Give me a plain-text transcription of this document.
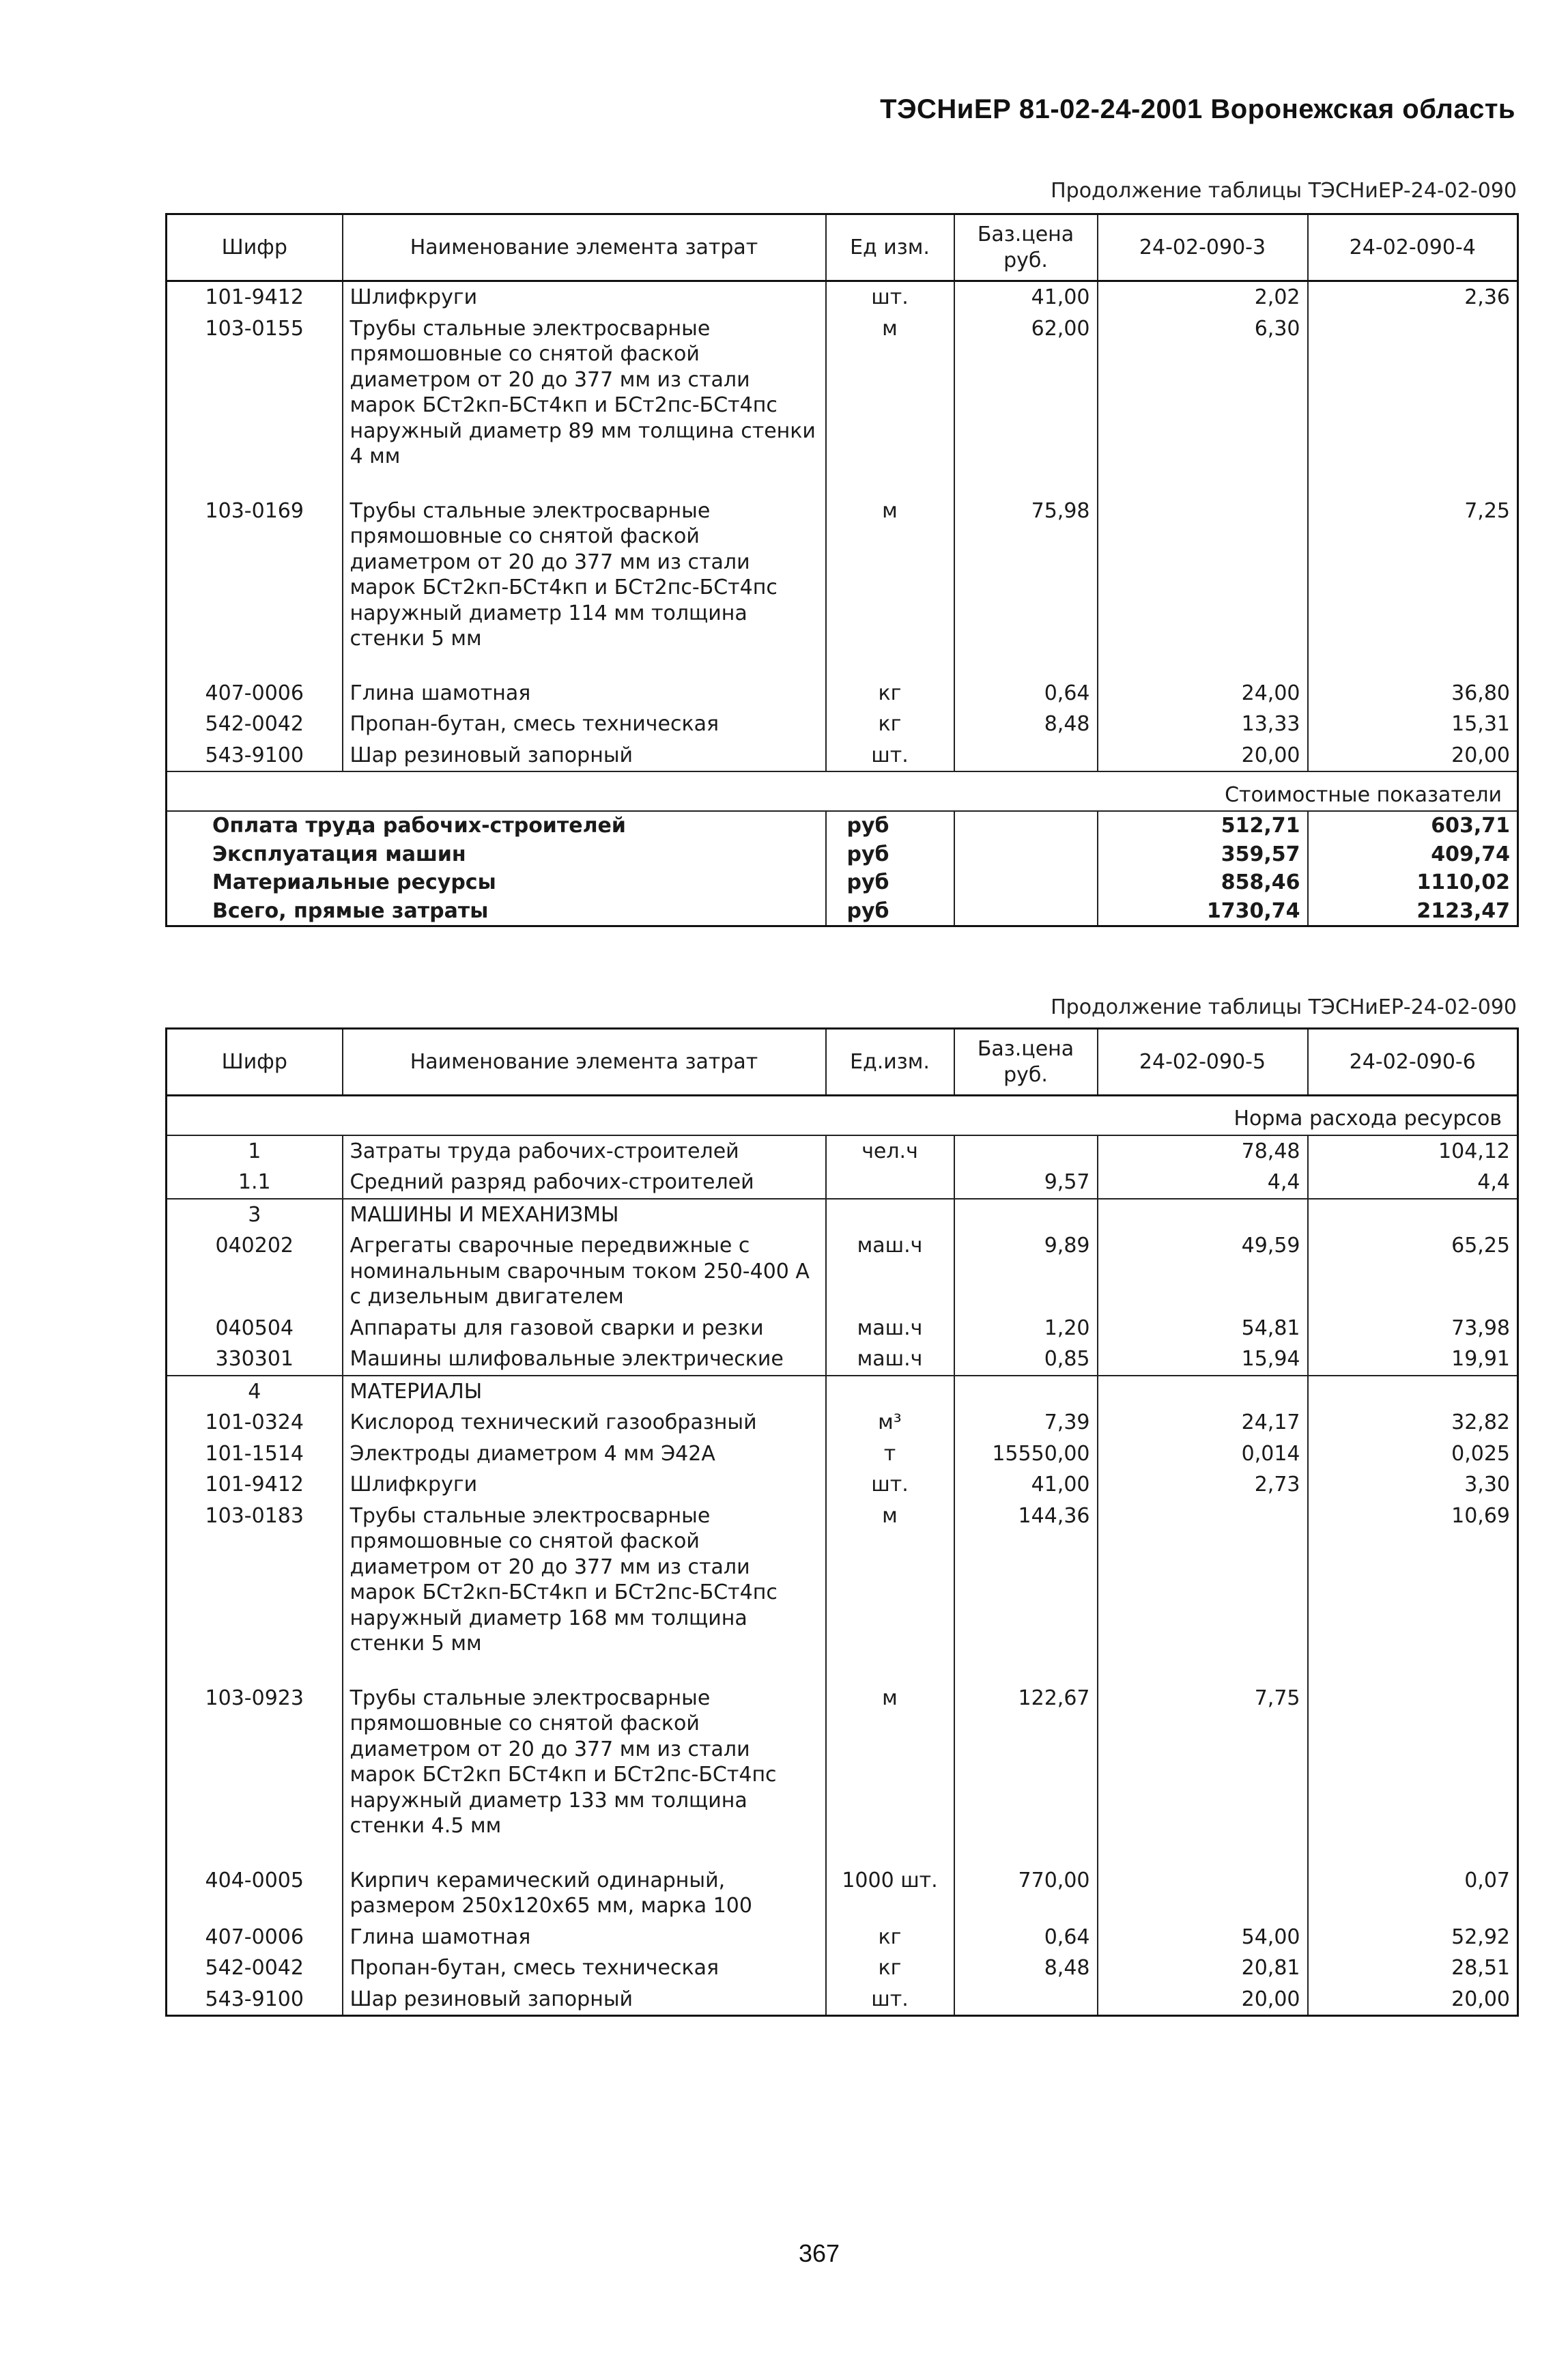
ТЭСНиЕР 81-02-24-2001 Воронежская область
Продолжение таблицы ТЭСНиЕР-24-02-090
Шифр	Наименование элемента затрат	Ед изм.	Баз.цена руб.	24-02-090-3	24-02-090-4
101-9412	Шлифкруги	шт.	41,00	2,02	2,36
103-0155	Трубы стальные электросварные прямошовные со снятой фаской диаметром от 20 до 377 мм из стали марок БСт2кп-БСт4кп и БСт2пс-БСт4пс наружный диаметр 89 мм толщина стенки 4 мм	м	62,00	6,30	
103-0169	Трубы стальные электросварные прямошовные со снятой фаской диаметром от 20 до 377 мм из стали марок БСт2кп-БСт4кп и БСт2пс-БСт4пс наружный диаметр 114 мм толщина стенки 5 мм	м	75,98		7,25
407-0006	Глина шамотная	кг	0,64	24,00	36,80
542-0042	Пропан-бутан, смесь техническая	кг	8,48	13,33	15,31
543-9100	Шар резиновый запорный	шт.		20,00	20,00
Стоимостные показатели					
Оплата труда рабочих-строителей		руб		512,71	603,71
Эксплуатация машин		руб		359,57	409,74
Материальные ресурсы		руб		858,46	1110,02
Всего, прямые затраты		руб		1730,74	2123,47
Продолжение таблицы ТЭСНиЕР-24-02-090
Шифр	Наименование элемента затрат	Ед.изм.	Баз.цена руб.	24-02-090-5	24-02-090-6
Норма расхода ресурсов					
1	Затраты труда рабочих-строителей	чел.ч		78,48	104,12
1.1	Средний разряд рабочих-строителей		9,57	4,4	4,4
3	МАШИНЫ И МЕХАНИЗМЫ				
040202	Агрегаты сварочные передвижные с номинальным сварочным током 250-400 А с дизельным двигателем	маш.ч	9,89	49,59	65,25
040504	Аппараты для газовой сварки и резки	маш.ч	1,20	54,81	73,98
330301	Машины шлифовальные электрические	маш.ч	0,85	15,94	19,91
4	МАТЕРИАЛЫ				
101-0324	Кислород технический газообразный	м³	7,39	24,17	32,82
101-1514	Электроды диаметром 4 мм Э42А	т	15550,00	0,014	0,025
101-9412	Шлифкруги	шт.	41,00	2,73	3,30
103-0183	Трубы стальные электросварные прямошовные со снятой фаской диаметром от 20 до 377 мм из стали марок БСт2кп-БСт4кп и БСт2пс-БСт4пс наружный диаметр 168 мм толщина стенки 5 мм	м	144,36		10,69
103-0923	Трубы стальные электросварные прямошовные со снятой фаской диаметром от 20 до 377 мм из стали марок БСт2кп БСт4кп и БСт2пс-БСт4пс наружный диаметр 133 мм толщина стенки 4.5 мм	м	122,67	7,75	
404-0005	Кирпич керамический одинарный, размером 250х120х65 мм, марка 100	1000 шт.	770,00		0,07
407-0006	Глина шамотная	кг	0,64	54,00	52,92
542-0042	Пропан-бутан, смесь техническая	кг	8,48	20,81	28,51
543-9100	Шар резиновый запорный	шт.		20,00	20,00
367
